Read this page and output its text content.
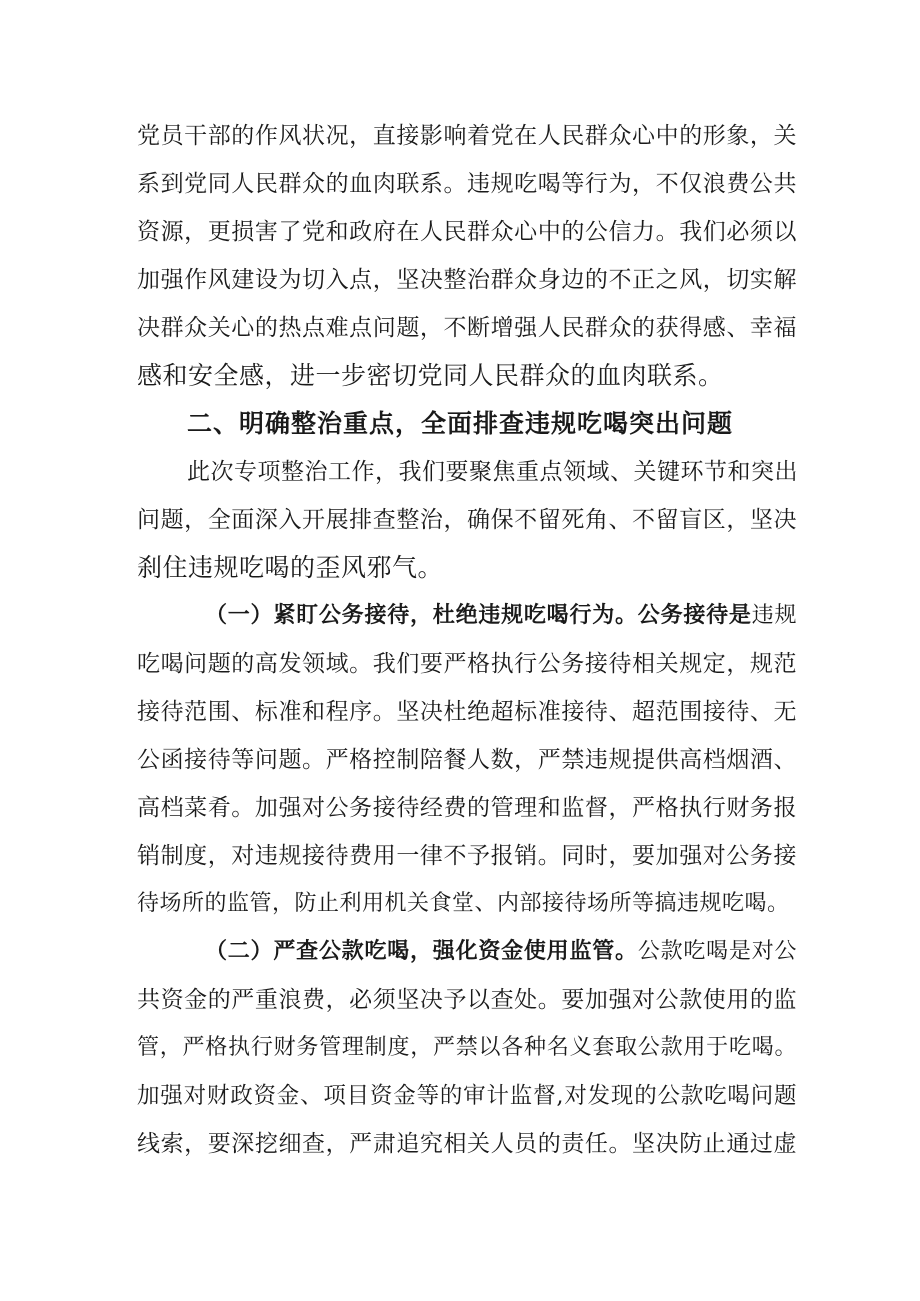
党员干部的作风状况，直接影响着党在人民群众心中的形象，关
系到党同人民群众的血肉联系。违规吃喝等行为，不仅浪费公共
资源，更损害了党和政府在人民群众心中的公信力。我们必须以
加强作风建设为切入点，坚决整治群众身边的不正之风，切实解
决群众关心的热点难点问题，不断增强人民群众的获得感、幸福
感和安全感，进一步密切党同人民群众的血肉联系。
二、明确整治重点，全面排查违规吃喝突出问题
此次专项整治工作，我们要聚焦重点领域、关键环节和突出
问题，全面深入开展排查整治，确保不留死角、不留盲区，坚决
刹住违规吃喝的歪风邪气。
（一）紧盯公务接待，杜绝违规吃喝行为。公务接待是违规
吃喝问题的高发领域。我们要严格执行公务接待相关规定，规范
接待范围、标准和程序。坚决杜绝超标准接待、超范围接待、无
公函接待等问题。严格控制陪餐人数，严禁违规提供高档烟酒、
高档菜肴。加强对公务接待经费的管理和监督，严格执行财务报
销制度，对违规接待费用一律不予报销。同时，要加强对公务接
待场所的监管，防止利用机关食堂、内部接待场所等搞违规吃喝。
（二）严查公款吃喝，强化资金使用监管。公款吃喝是对公
共资金的严重浪费，必须坚决予以查处。要加强对公款使用的监
管，严格执行财务管理制度，严禁以各种名义套取公款用于吃喝。
加强对财政资金、项目资金等的审计监督,对发现的公款吃喝问题
线索，要深挖细查，严肃追究相关人员的责任。坚决防止通过虚
